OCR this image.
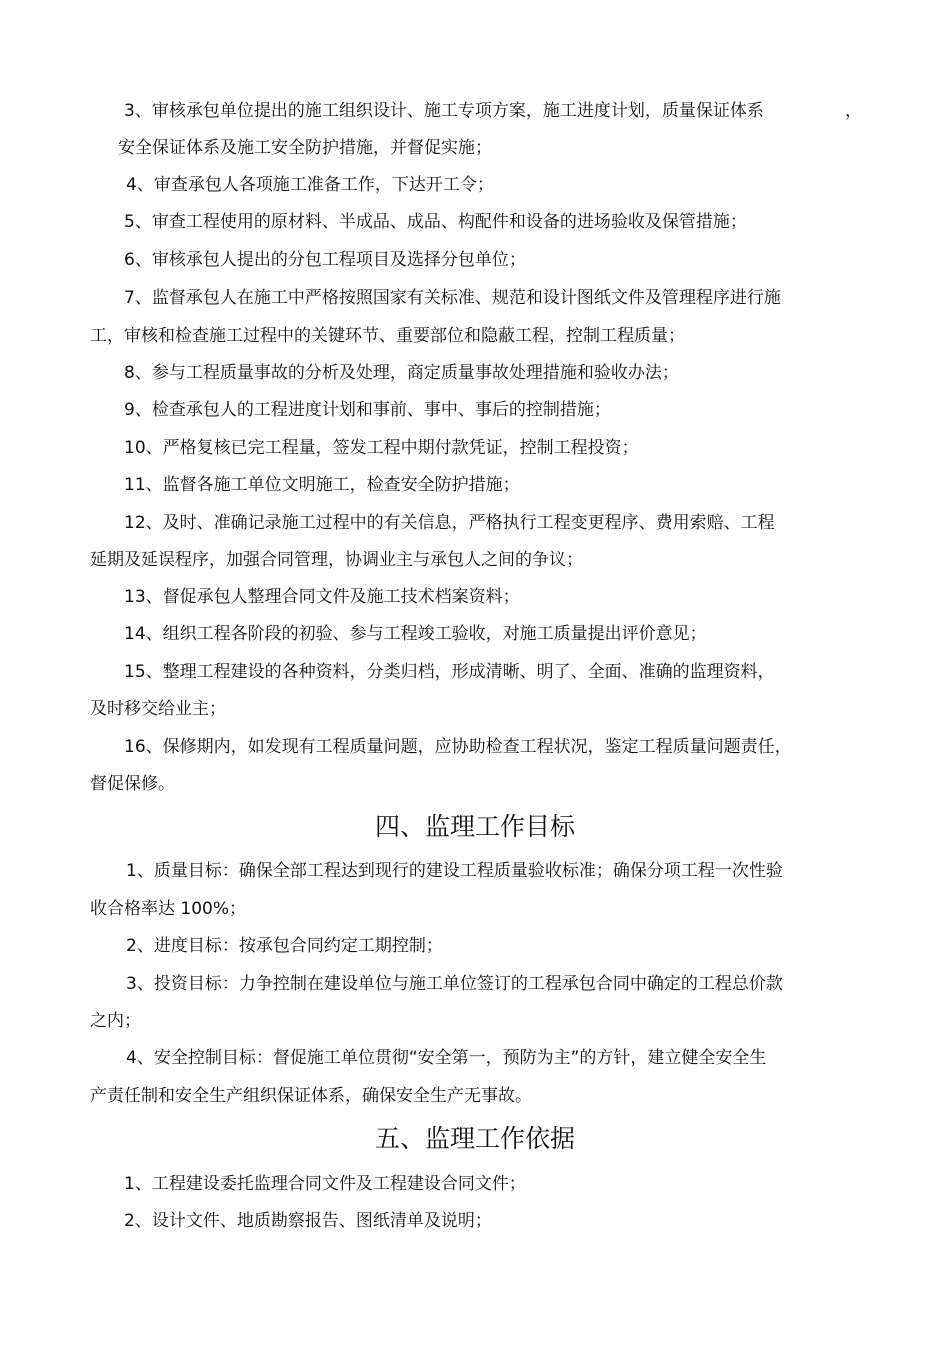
3、审核承包单位提出的施工组织设计、施工专项方案，施工进度计划，质量保证体系	，
安全保证体系及施工安全防护措施，并督促实施；
4、审查承包人各项施工准备工作，下达开工令；
5、审查工程使用的原材料、半成品、成品、构配件和设备的进场验收及保管措施；
6、审核承包人提出的分包工程项目及选择分包单位；
7、监督承包人在施工中严格按照国家有关标准、规范和设计图纸文件及管理程序进行施
工，审核和检查施工过程中的关键环节、重要部位和隐蔽工程，控制工程质量；
8、参与工程质量事故的分析及处理，商定质量事故处理措施和验收办法；
9、检查承包人的工程进度计划和事前、事中、事后的控制措施；
10、严格复核已完工程量，签发工程中期付款凭证，控制工程投资；
11、监督各施工单位文明施工，检查安全防护措施；
12、及时、准确记录施工过程中的有关信息，严格执行工程变更程序、费用索赔、工程
延期及延误程序，加强合同管理，协调业主与承包人之间的争议；
13、督促承包人整理合同文件及施工技术档案资料；
14、组织工程各阶段的初验、参与工程竣工验收，对施工质量提出评价意见；
15、整理工程建设的各种资料，分类归档，形成清晰、明了、全面、准确的监理资料，
及时移交给业主；
16、保修期内，如发现有工程质量问题，应协助检查工程状况，鉴定工程质量问题责任，
督促保修。
四、监理工作目标
1、质量目标：确保全部工程达到现行的建设工程质量验收标准；确保分项工程一次性验
收合格率达 100%；
2、进度目标：按承包合同约定工期控制；
3、投资目标：力争控制在建设单位与施工单位签订的工程承包合同中确定的工程总价款
之内；
4、安全控制目标：督促施工单位贯彻“安全第一，预防为主”的方针，建立健全安全生
产责任制和安全生产组织保证体系，确保安全生产无事故。
五、监理工作依据
1、工程建设委托监理合同文件及工程建设合同文件；
2、设计文件、地质勘察报告、图纸清单及说明；
